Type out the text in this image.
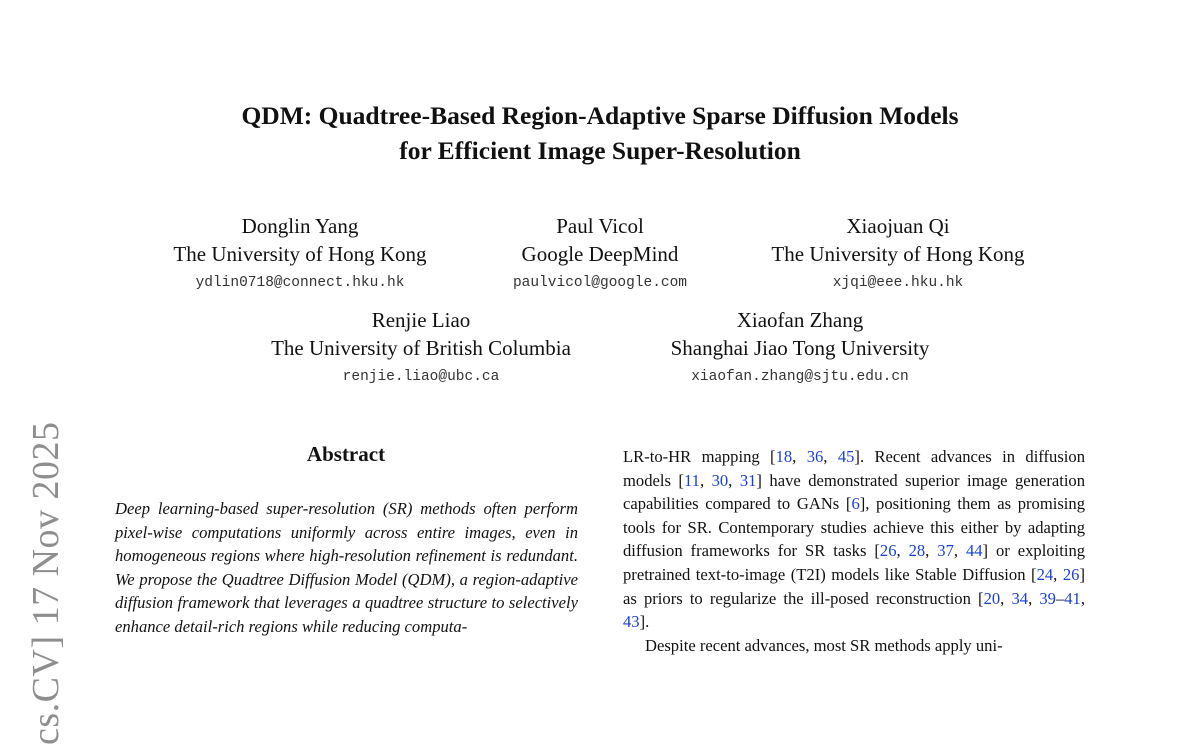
cs.CV] 17 Nov 2025
QDM: Quadtree-Based Region-Adaptive Sparse Diffusion Models
for Efficient Image Super-Resolution
Donglin Yang
The University of Hong Kong
ydlin0718@connect.hku.hk
Paul Vicol
Google DeepMind
paulvicol@google.com
Xiaojuan Qi
The University of Hong Kong
xjqi@eee.hku.hk
Renjie Liao
The University of British Columbia
renjie.liao@ubc.ca
Xiaofan Zhang
Shanghai Jiao Tong University
xiaofan.zhang@sjtu.edu.cn
Abstract
Deep learning-based super-resolution (SR) methods often perform pixel-wise computations uniformly across entire images, even in homogeneous regions where high-resolution refinement is redundant. We propose the Quadtree Diffusion Model (QDM), a region-adaptive diffusion framework that leverages a quadtree structure to selectively enhance detail-rich regions while reducing computa-

LR-to-HR mapping [18, 36, 45]. Recent advances in diffusion models [11, 30, 31] have demonstrated superior image generation capabilities compared to GANs [6], positioning them as promising tools for SR. Contemporary studies achieve this either by adapting diffusion frameworks for SR tasks [26, 28, 37, 44] or exploiting pretrained text-to-image (T2I) models like Stable Diffusion [24, 26] as priors to regularize the ill-posed reconstruction [20, 34, 39–41, 43].

Despite recent advances, most SR methods apply uni-
